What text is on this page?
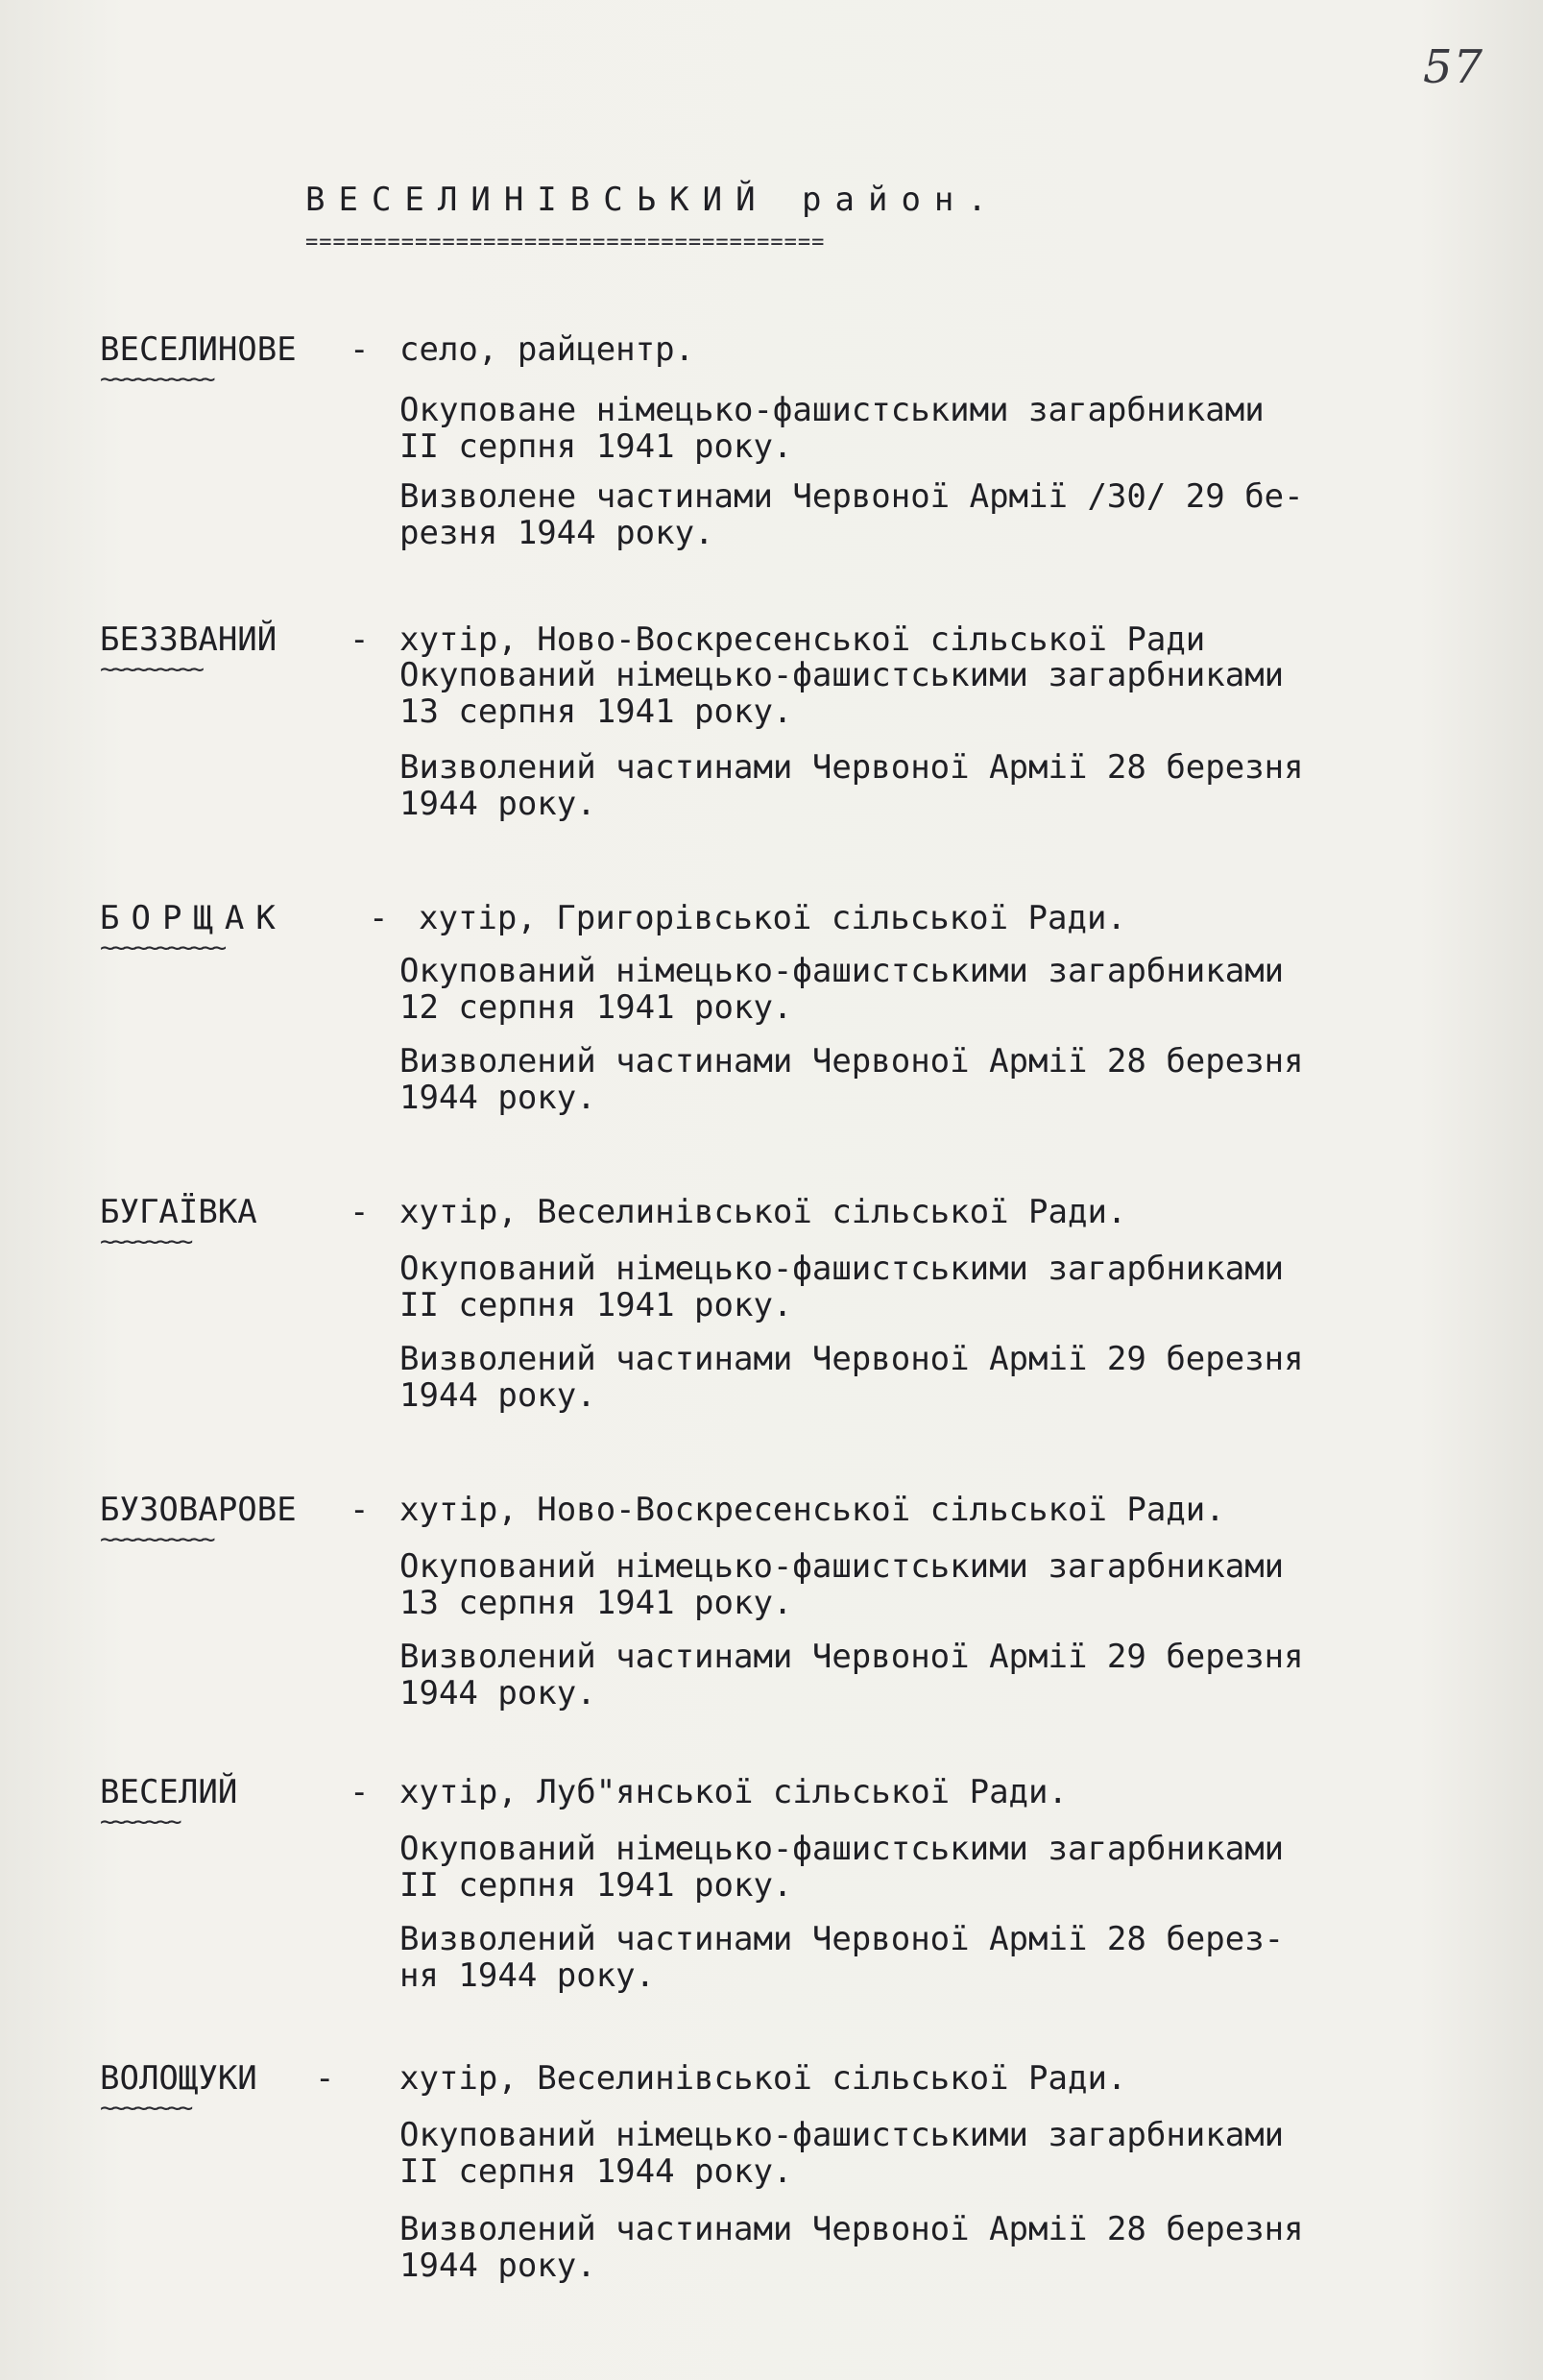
57
ВЕСЕЛИНІВСЬКИЙ район.
======================================
ВЕСЕЛИНОВЕ
~~~~~~~~~~
- село, райцентр.
Окуповане німецько-фашистськими загарбниками
ІІ серпня 1941 року.
Визволене частинами Червоної Армії /30/ 29 бе-
резня 1944 року.
БЕЗЗВАНИЙ
~~~~~~~~~
- хутір, Ново-Воскресенської сільської Ради
Окупований німецько-фашистськими загарбниками
13 серпня 1941 року.
Визволений частинами Червоної Армії 28 березня
1944 року.
БОРЩАК
~~~~~~~~~~~
- хутір, Григорівської сільської Ради.
Окупований німецько-фашистськими загарбниками
12 серпня 1941 року.
Визволений частинами Червоної Армії 28 березня
1944 року.
БУГАЇВКА
~~~~~~~~
- хутір, Веселинівської сільської Ради.
Окупований німецько-фашистськими загарбниками
ІІ серпня 1941 року.
Визволений частинами Червоної Армії 29 березня
1944 року.
БУЗОВАРОВЕ
~~~~~~~~~~
- хутір, Ново-Воскресенської сільської Ради.
Окупований німецько-фашистськими загарбниками
13 серпня 1941 року.
Визволений частинами Червоної Армії 29 березня
1944 року.
ВЕСЕЛИЙ
~~~~~~~
- хутір, Луб"янської сільської Ради.
Окупований німецько-фашистськими загарбниками
ІІ серпня 1941 року.
Визволений частинами Червоної Армії 28 берез-
ня 1944 року.
ВОЛОЩУКИ
~~~~~~~~
- хутір, Веселинівської сільської Ради.
Окупований німецько-фашистськими загарбниками
ІІ серпня 1944 року.
Визволений частинами Червоної Армії 28 березня
1944 року.
